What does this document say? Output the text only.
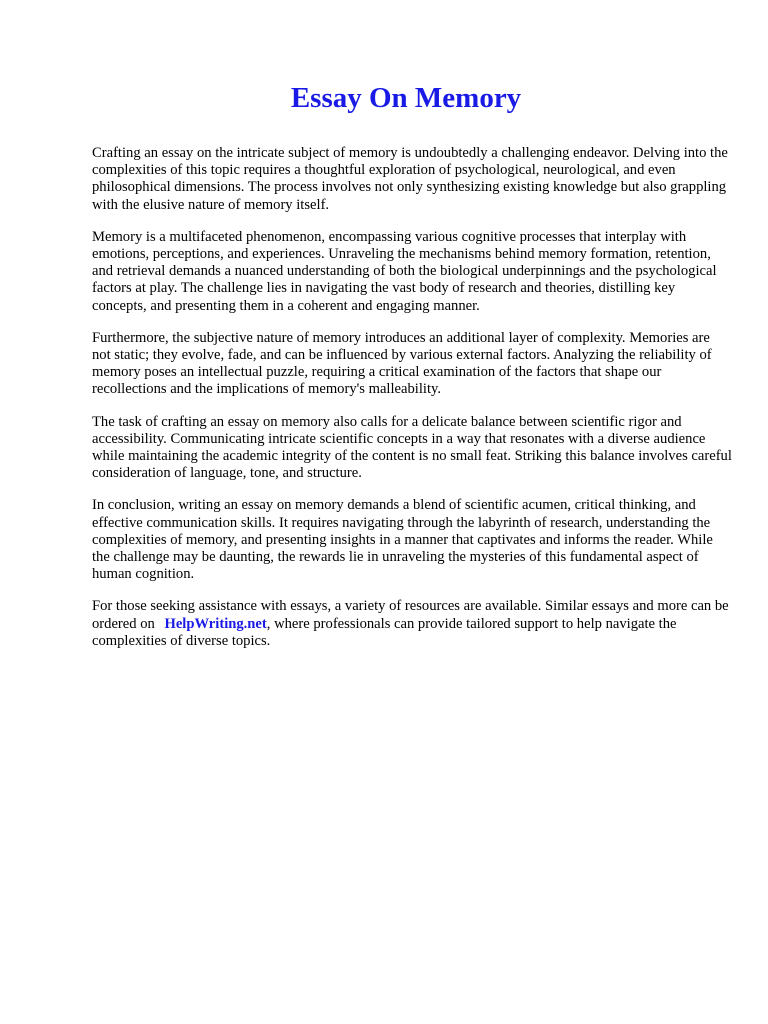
Essay On Memory

Crafting an essay on the intricate subject of memory is undoubtedly a challenging endeavor. Delving into the complexities of this topic requires a thoughtful exploration of psychological, neurological, and even philosophical dimensions. The process involves not only synthesizing existing knowledge but also grappling with the elusive nature of memory itself.

Memory is a multifaceted phenomenon, encompassing various cognitive processes that interplay with emotions, perceptions, and experiences. Unraveling the mechanisms behind memory formation, retention, and retrieval demands a nuanced understanding of both the biological underpinnings and the psychological factors at play. The challenge lies in navigating the vast body of research and theories, distilling key concepts, and presenting them in a coherent and engaging manner.

Furthermore, the subjective nature of memory introduces an additional layer of complexity. Memories are not static; they evolve, fade, and can be influenced by various external factors. Analyzing the reliability of memory poses an intellectual puzzle, requiring a critical examination of the factors that shape our recollections and the implications of memory's malleability.

The task of crafting an essay on memory also calls for a delicate balance between scientific rigor and accessibility. Communicating intricate scientific concepts in a way that resonates with a diverse audience while maintaining the academic integrity of the content is no small feat. Striking this balance involves careful consideration of language, tone, and structure.

In conclusion, writing an essay on memory demands a blend of scientific acumen, critical thinking, and effective communication skills. It requires navigating through the labyrinth of research, understanding the complexities of memory, and presenting insights in a manner that captivates and informs the reader. While the challenge may be daunting, the rewards lie in unraveling the mysteries of this fundamental aspect of human cognition.

For those seeking assistance with essays, a variety of resources are available. Similar essays and more can be ordered on HelpWriting.net, where professionals can provide tailored support to help navigate the complexities of diverse topics.
